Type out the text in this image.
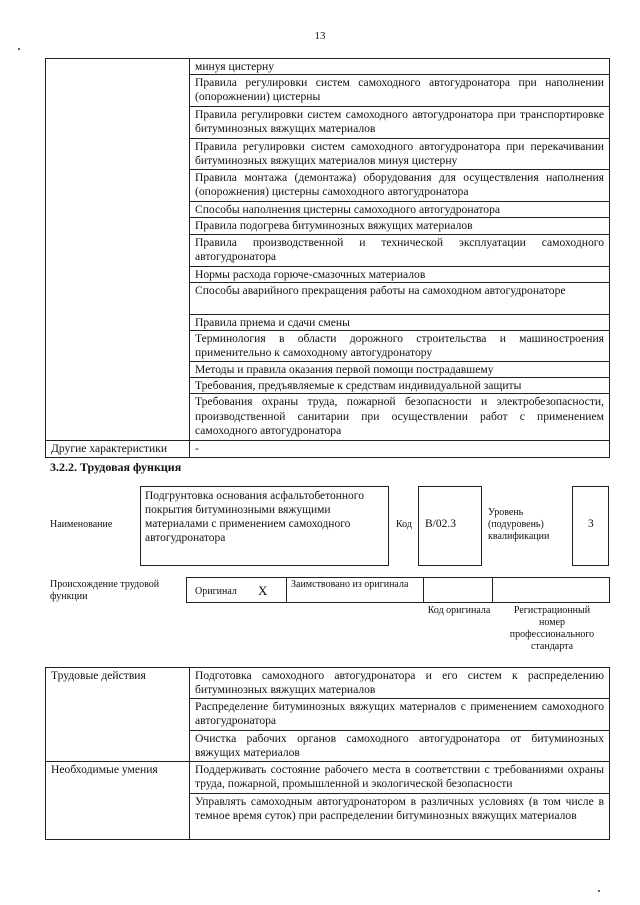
13
	минуя цистерну
	Правила регулировки систем самоходного автогудронатора при наполнении (опорожнении) цистерны
	Правила регулировки систем самоходного автогудронатора при транспортировке битуминозных вяжущих материалов
	Правила регулировки систем самоходного автогудронатора при перекачивании битуминозных вяжущих материалов минуя цистерну
	Правила монтажа (демонтажа) оборудования для осуществления наполнения (опорожнения) цистерны самоходного автогудронатора
	Способы наполнения цистерны самоходного автогудронатора
	Правила подогрева битуминозных вяжущих материалов
	Правила производственной и технической эксплуатации самоходного автогудронатора
	Нормы расхода горюче-смазочных материалов
	Способы аварийного прекращения работы на самоходном автогудронаторе
	Правила приема и сдачи смены
	Терминология в области дорожного строительства и машиностроения применительно к самоходному автогудронатору
	Методы и правила оказания первой помощи пострадавшему
	Требования, предъявляемые к средствам индивидуальной защиты
	Требования охраны труда, пожарной безопасности и электробезопасности, производственной санитарии при осуществлении работ с применением самоходного автогудронатора
Другие характеристики	-
3.2.2. Трудовая функция
Наименование
Подгрунтовка основания асфальтобетонного покрытия битуминозными вяжущими материалами с применением самоходного автогудронатора
Код	B/02.3
Уровень (подуровень) квалификации
3
Происхождение трудовой функции	Оригинал X Заимствовано из оригинала
Код оригинала	Регистрационный номер профессионального стандарта
Трудовые действия	Подготовка самоходного автогудронатора и его систем к распределению битуминозных вяжущих материалов
	Распределение битуминозных вяжущих материалов с применением самоходного автогудронатора
	Очистка рабочих органов самоходного автогудронатора от битуминозных вяжущих материалов
Необходимые умения	Поддерживать состояние рабочего места в соответствии с требованиями охраны труда, пожарной, промышленной и экологической безопасности
	Управлять самоходным автогудронатором в различных условиях (в том числе в темное время суток) при распределении битуминозных вяжущих материалов
